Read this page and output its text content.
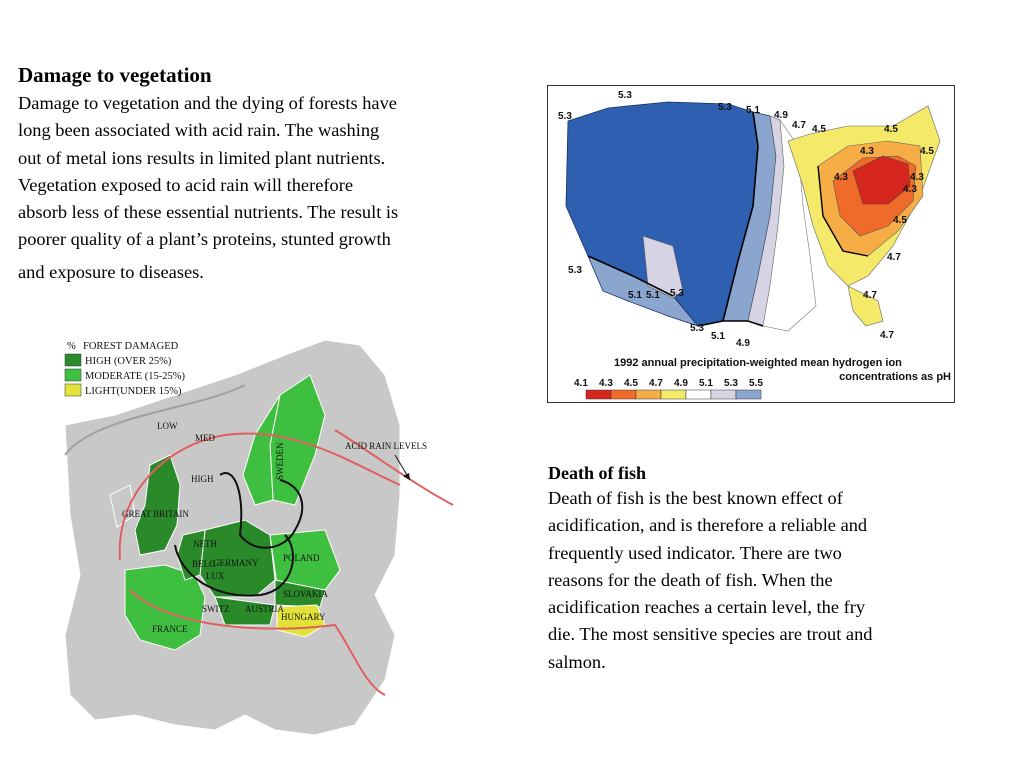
Damage to vegetation
Damage to vegetation and the dying of forests have
long been associated with acid rain. The washing
out of metal ions results in limited plant nutrients.
Vegetation exposed to acid rain will therefore
absorb less of these essential nutrients. The result is
poorer quality of a plant’s proteins, stunted growth
and exposure to diseases.
5.3
5.3
5.3 5.1 4.9
4.7 4.5	4.5
4.3	4.5
4.3	4.3
4.3
4.5
4.7
4.7
4.7
5.3
5.1 5.1 5.3
5.3
5.1
4.9
1992 annual precipitation-weighted mean hydrogen ion
concentrations as pH
4.1 4.3 4.5 4.7 4.9 5.1 5.3 5.5
% FOREST DAMAGED
HIGH (OVER 25%)
MODERATE (15-25%)
LIGHT(UNDER 15%)
LOW
MED
HIGH
ACID RAIN LEVELS
GREAT BRITAIN
NETH
BELG
LUX
GERMANY	POLAND
SWEDEN
SLOVAKIA
AUSTRIA
SWITZ
HUNGARY
FRANCE
Death of fish
Death of fish is the best known effect of
acidification, and is therefore a reliable and
frequently used indicator. There are two
reasons for the death of fish. When the
acidification reaches a certain level, the fry
die. The most sensitive species are trout and
salmon.
